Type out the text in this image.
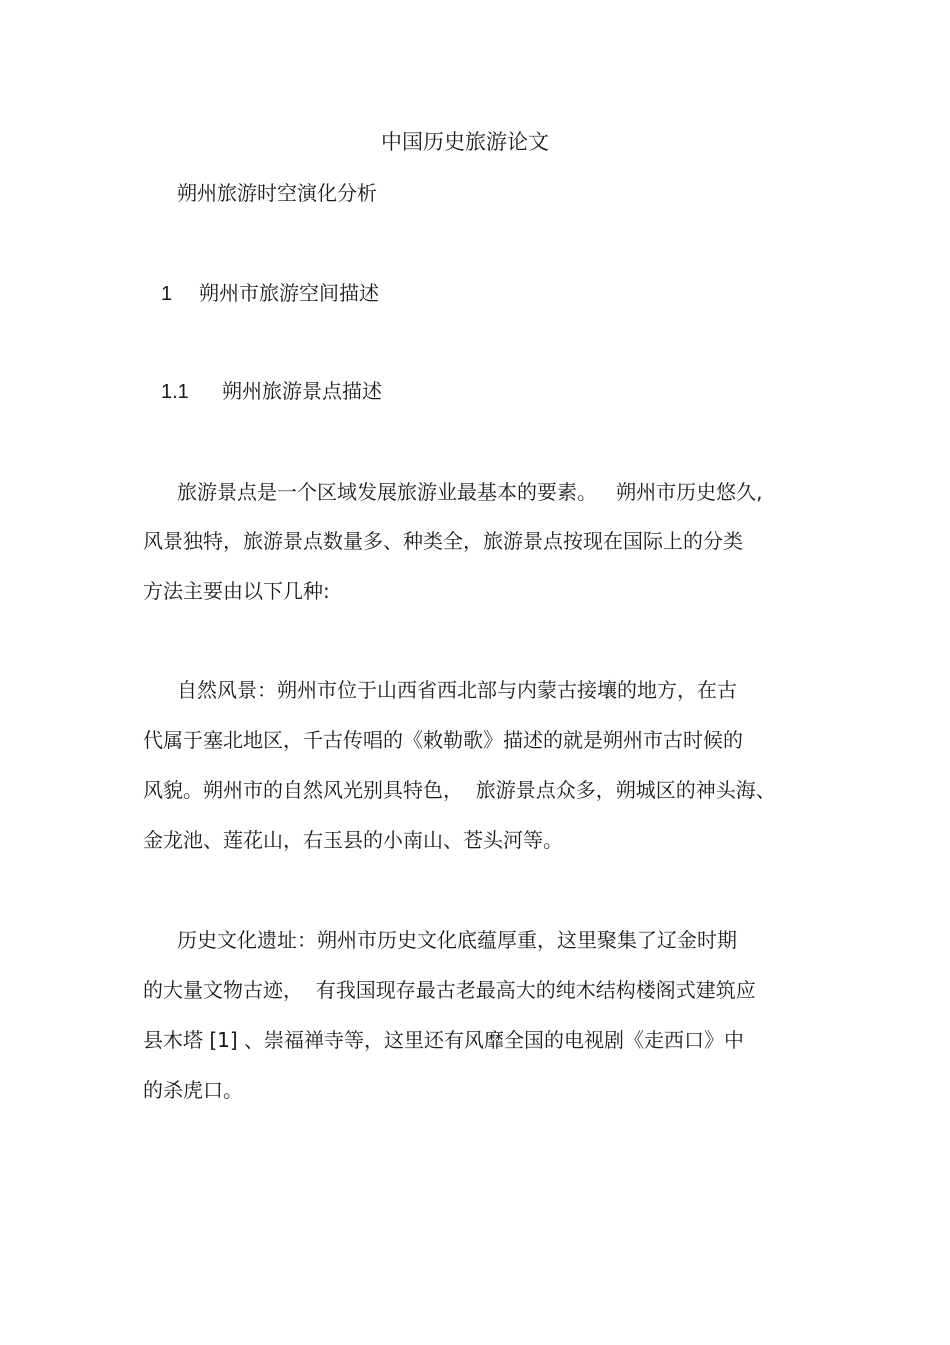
中国历史旅游论文
朔州旅游时空演化分析
1 朔州市旅游空间描述
1.1 朔州旅游景点描述
旅游景点是一个区域发展旅游业最基本的要素。   朔州市历史悠久,
风景独特，旅游景点数量多、种类全，旅游景点按现在国际上的分类
方法主要由以下几种:
自然风景：朔州市位于山西省西北部与内蒙古接壤的地方，在古
代属于塞北地区，千古传唱的《敕勒歌》描述的就是朔州市古时候的
风貌。朔州市的自然风光别具特色，  旅游景点众多，朔城区的神头海、
金龙池、莲花山，右玉县的小南山、苍头河等。
历史文化遗址：朔州市历史文化底蕴厚重，这里聚集了辽金时期
的大量文物古迹，  有我国现存最古老最高大的纯木结构楼阁式建筑应
县木塔 [1] 、崇福禅寺等，这里还有风靡全国的电视剧《走西口》中
的杀虎口。
